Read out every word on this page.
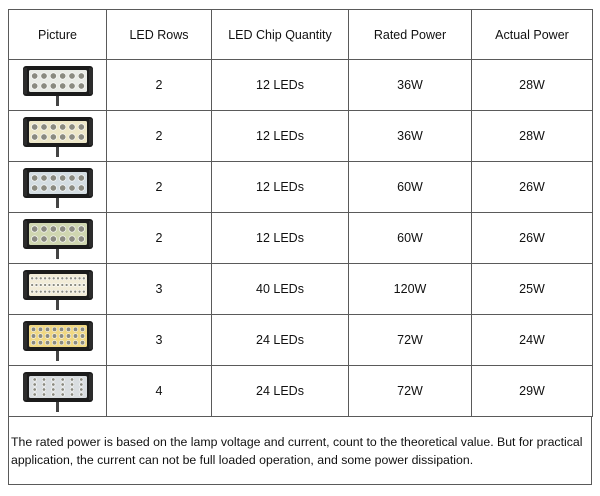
Picture	LED Rows	LED Chip Quantity	Rated Power	Actual Power

	2	12 LEDs	36W	28W

	2	12 LEDs	36W	28W

	2	12 LEDs	60W	26W

	2	12 LEDs	60W	26W

	3	40 LEDs	120W	25W

	3	24 LEDs	72W	24W

	4	24 LEDs	72W	29W
The rated power is based on the lamp voltage and current, count to the theoretical value. But for practical application, the current can not be full loaded operation, and some power dissipation.
